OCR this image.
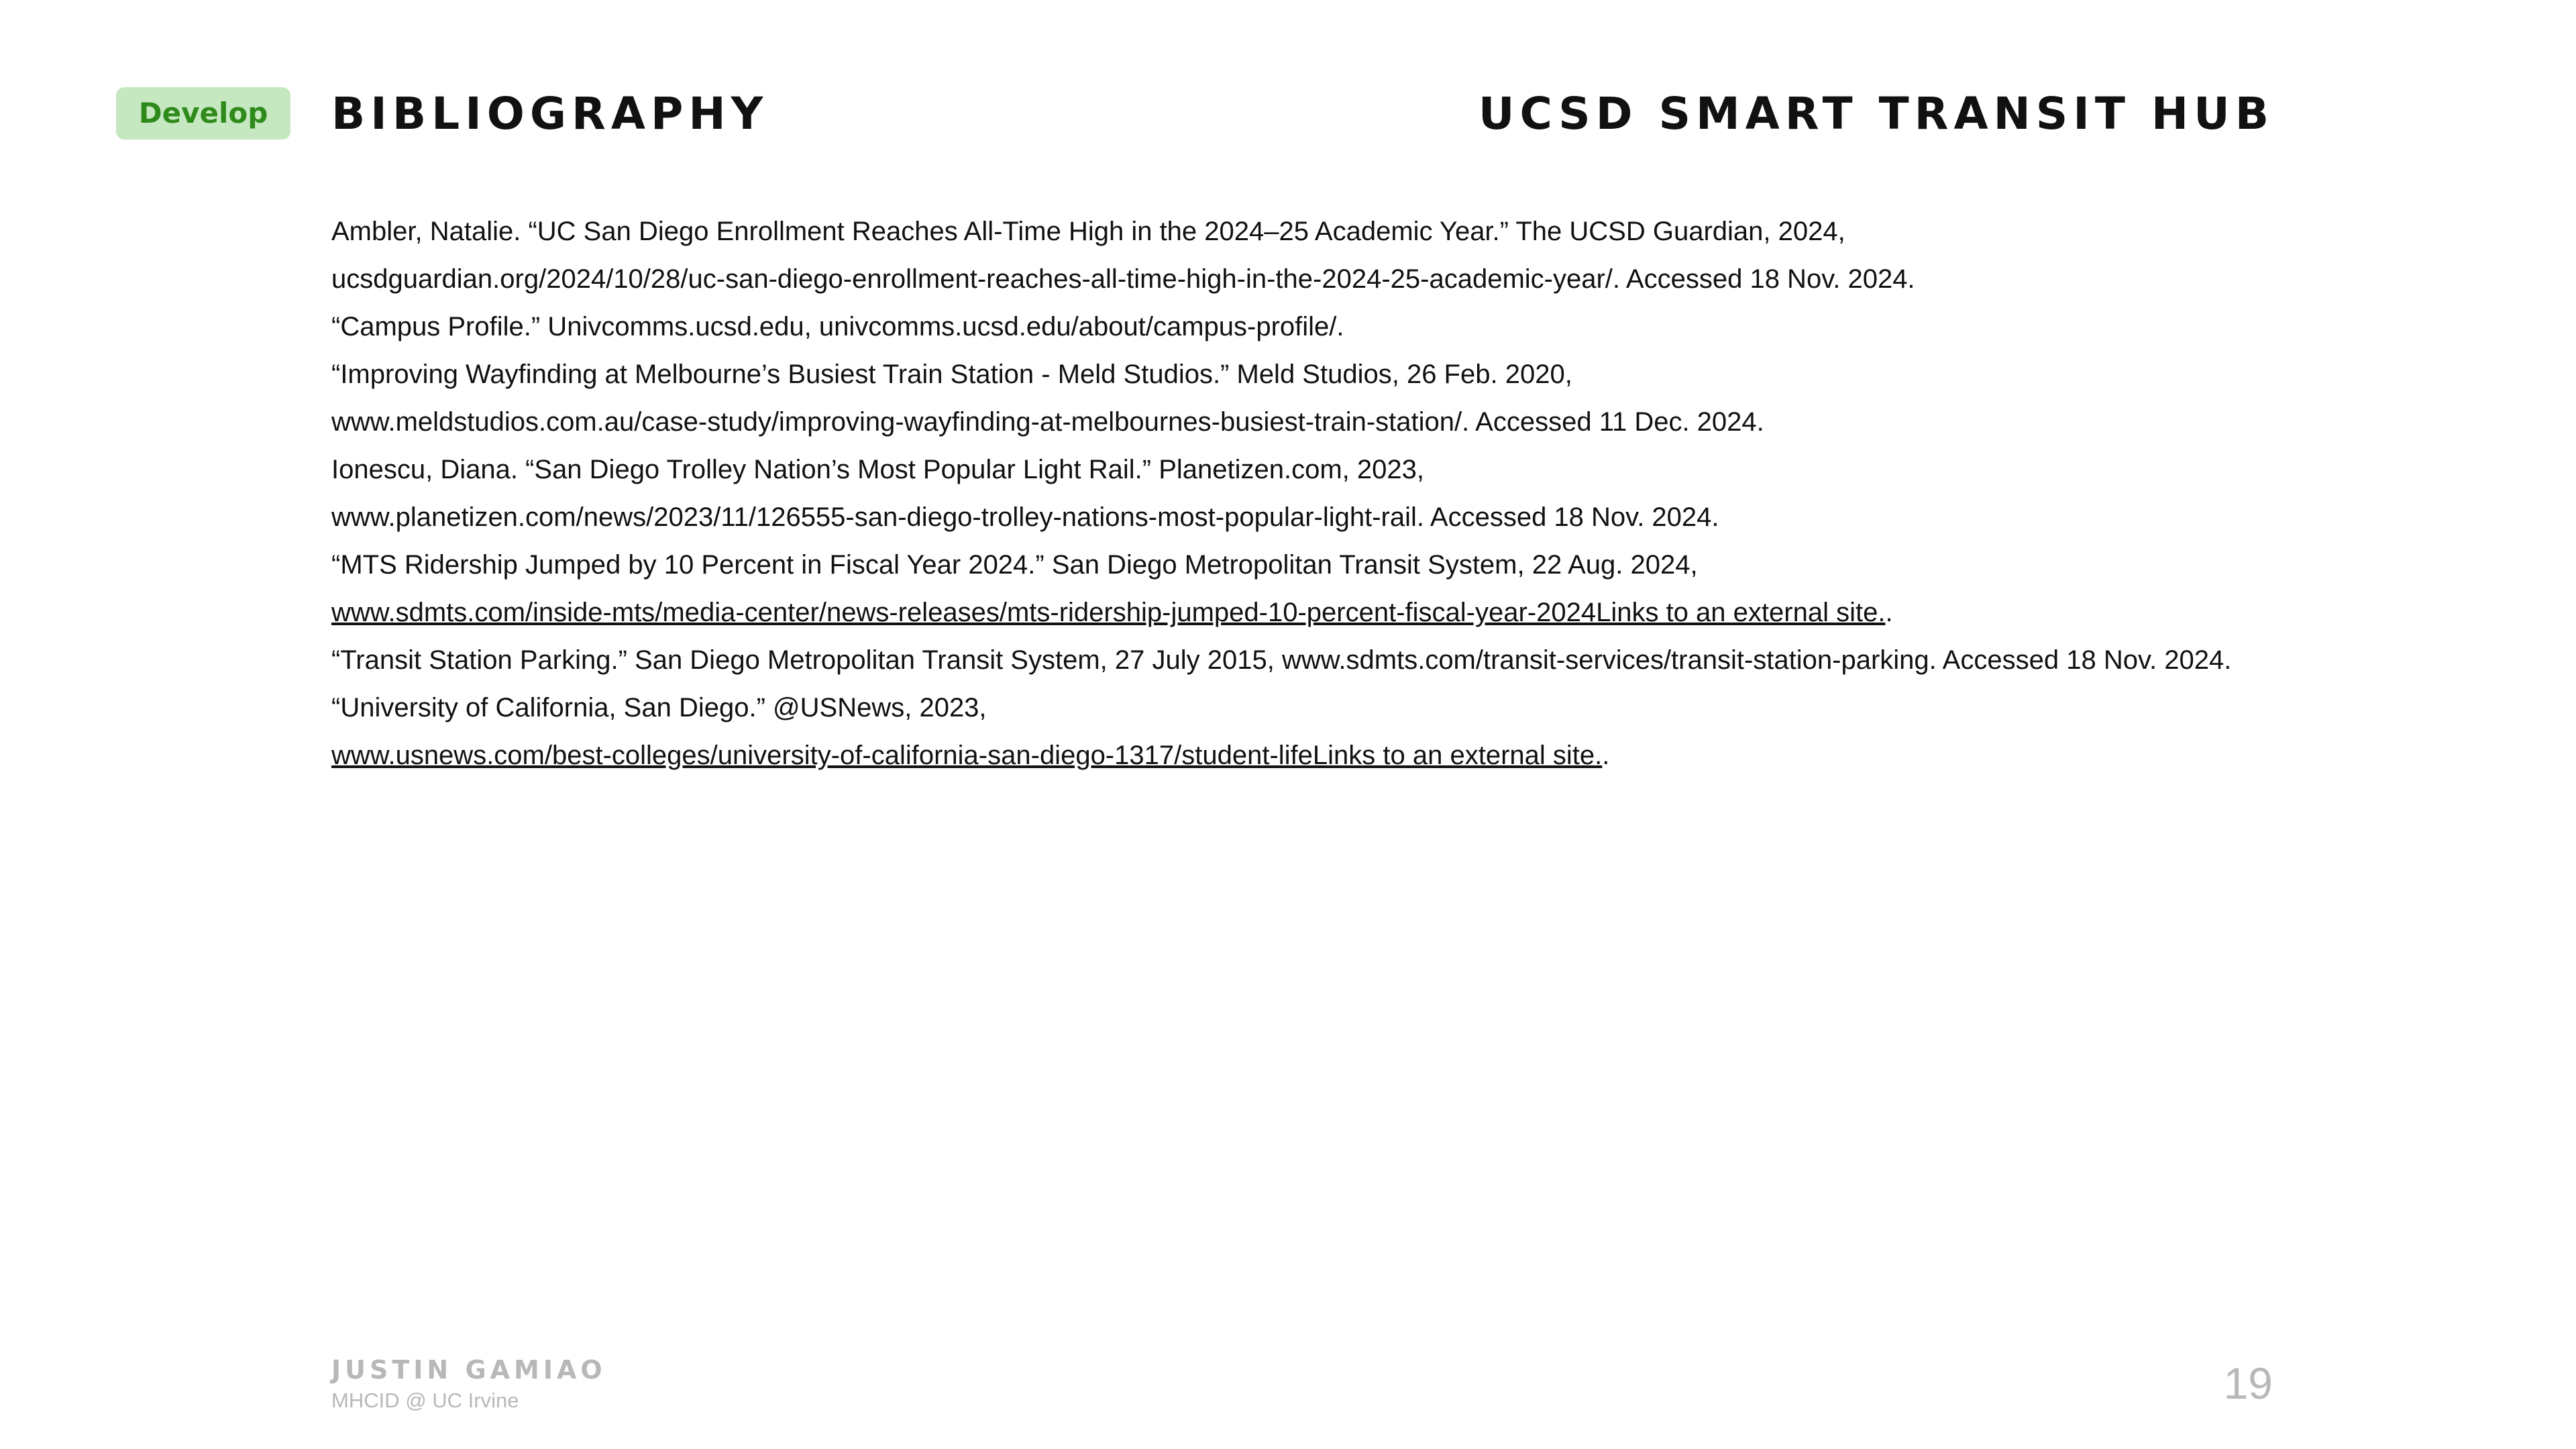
Develop	BIBLIOGRAPHY	UCSD SMART TRANSIT HUB
Ambler, Natalie. “UC San Diego Enrollment Reaches All-Time High in the 2024–25 Academic Year.” The UCSD Guardian, 2024,
ucsdguardian.org/2024/10/28/uc-san-diego-enrollment-reaches-all-time-high-in-the-2024-25-academic-year/. Accessed 18 Nov. 2024.
“Campus Profile.” Univcomms.ucsd.edu, univcomms.ucsd.edu/about/campus-profile/.
“Improving Wayfinding at Melbourne’s Busiest Train Station - Meld Studios.” Meld Studios, 26 Feb. 2020,
www.meldstudios.com.au/case-study/improving-wayfinding-at-melbournes-busiest-train-station/. Accessed 11 Dec. 2024.
Ionescu, Diana. “San Diego Trolley Nation’s Most Popular Light Rail.” Planetizen.com, 2023,
www.planetizen.com/news/2023/11/126555-san-diego-trolley-nations-most-popular-light-rail. Accessed 18 Nov. 2024.
“MTS Ridership Jumped by 10 Percent in Fiscal Year 2024.” San Diego Metropolitan Transit System, 22 Aug. 2024,
www.sdmts.com/inside-mts/media-center/news-releases/mts-ridership-jumped-10-percent-fiscal-year-2024Links to an external site..
“Transit Station Parking.” San Diego Metropolitan Transit System, 27 July 2015, www.sdmts.com/transit-services/transit-station-parking. Accessed 18 Nov. 2024.
“University of California, San Diego.” @USNews, 2023,
www.usnews.com/best-colleges/university-of-california-san-diego-1317/student-lifeLinks to an external site..
JUSTIN GAMIAO
MHCID @ UC Irvine	19
